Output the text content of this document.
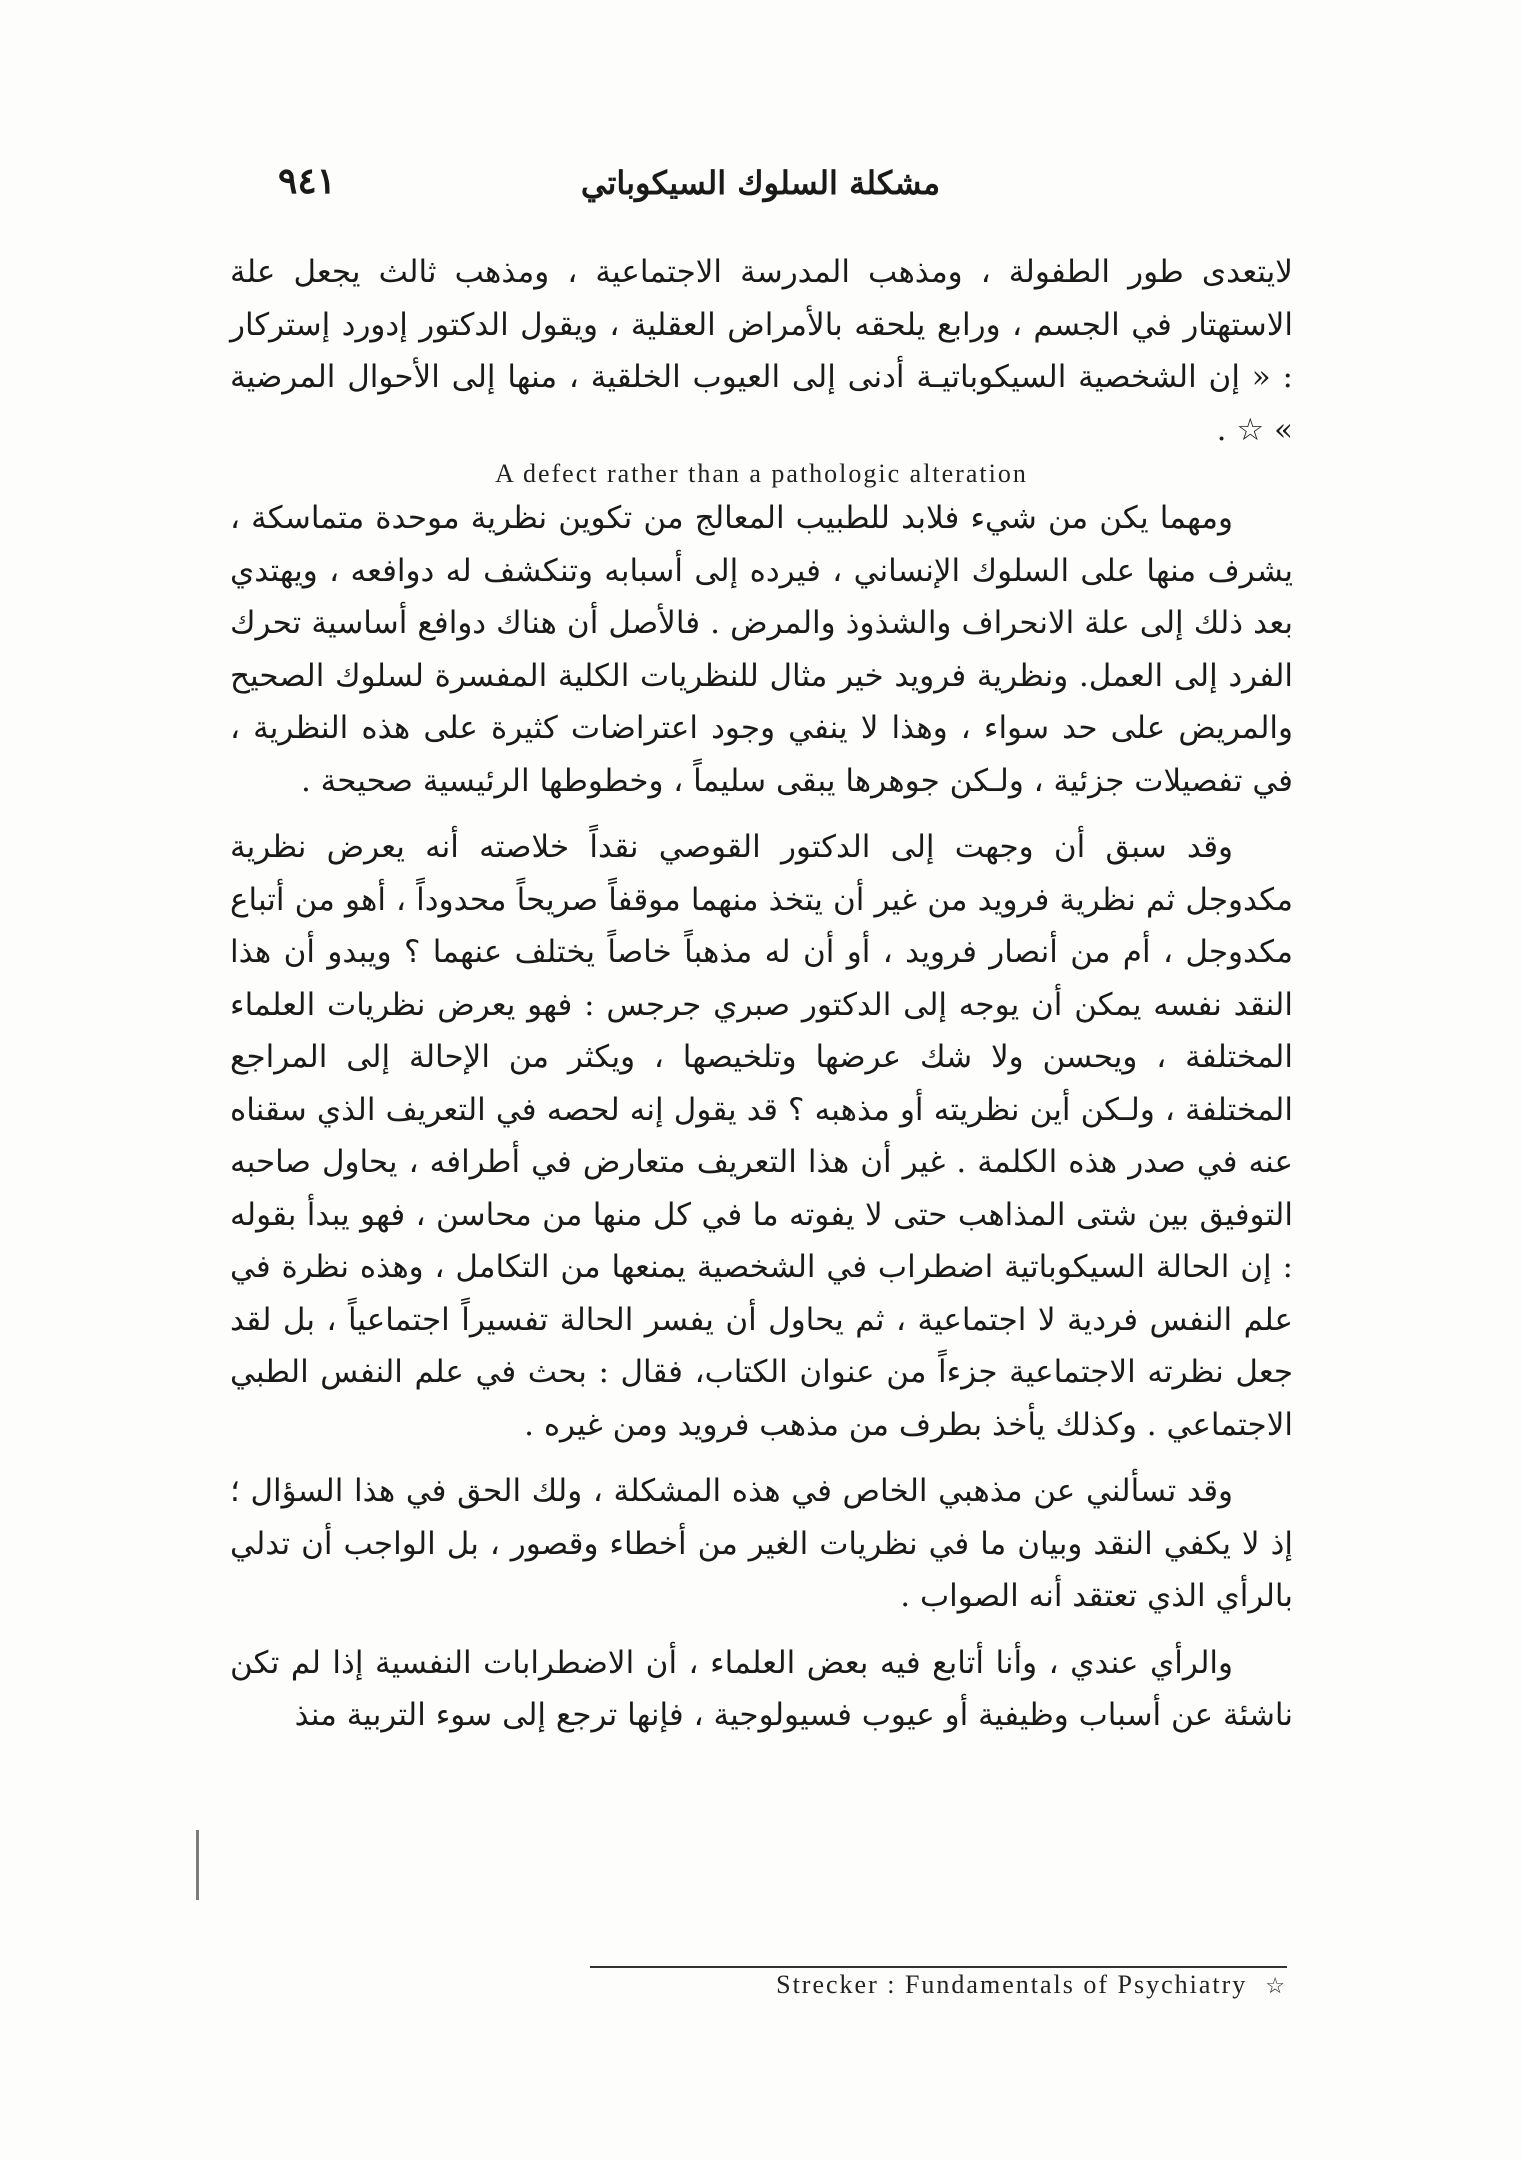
مشكلة السلوك السيكوباتي
٩٤١

لايتعدى طور الطفولة ، ومذهب المدرسة الاجتماعية ، ومذهب ثالث يجعل علة الاستهتار في الجسم ، ورابع يلحقه بالأمراض العقلية ، ويقول الدكتور إدورد إستركار : « إن الشخصية السيكوباتيـة أدنى إلى العيوب الخلقية ، منها إلى الأحوال المرضية » ☆ .

A defect rather than a pathologic alteration

ومهما يكن من شيء فلابد للطبيب المعالج من تكوين نظرية موحدة متماسكة ، يشرف منها على السلوك الإنساني ، فيرده إلى أسبابه وتنكشف له دوافعه ، ويهتدي بعد ذلك إلى علة الانحراف والشذوذ والمرض . فالأصل أن هناك دوافع أساسية تحرك الفرد إلى العمل. ونظرية فرويد خير مثال للنظريات الكلية المفسرة لسلوك الصحيح والمريض على حد سواء ، وهذا لا ينفي وجود اعتراضات كثيرة على هذه النظرية ، في تفصيلات جزئية ، ولـكن جوهرها يبقى سليماً ، وخطوطها الرئيسية صحيحة .

وقد سبق أن وجهت إلى الدكتور القوصي نقداً خلاصته أنه يعرض نظرية مكدوجل ثم نظرية فرويد من غير أن يتخذ منهما موقفاً صريحاً محدوداً ، أهو من أتباع مكدوجل ، أم من أنصار فرويد ، أو أن له مذهباً خاصاً يختلف عنهما ؟ ويبدو أن هذا النقد نفسه يمكن أن يوجه إلى الدكتور صبري جرجس : فهو يعرض نظريات العلماء المختلفة ، ويحسن ولا شك عرضها وتلخيصها ، ويكثر من الإحالة إلى المراجع المختلفة ، ولـكن أين نظريته أو مذهبه ؟ قد يقول إنه لحصه في التعريف الذي سقناه عنه في صدر هذه الكلمة . غير أن هذا التعريف متعارض في أطرافه ، يحاول صاحبه التوفيق بين شتى المذاهب حتى لا يفوته ما في كل منها من محاسن ، فهو يبدأ بقوله : إن الحالة السيكوباتية اضطراب في الشخصية يمنعها من التكامل ، وهذه نظرة في علم النفس فردية لا اجتماعية ، ثم يحاول أن يفسر الحالة تفسيراً اجتماعياً ، بل لقد جعل نظرته الاجتماعية جزءاً من عنوان الكتاب، فقال : بحث في علم النفس الطبي الاجتماعي . وكذلك يأخذ بطرف من مذهب فرويد ومن غيره .

وقد تسألني عن مذهبي الخاص في هذه المشكلة ، ولك الحق في هذا السؤال ؛ إذ لا يكفي النقد وبيان ما في نظريات الغير من أخطاء وقصور ، بل الواجب أن تدلي بالرأي الذي تعتقد أنه الصواب .

والرأي عندي ، وأنا أتابع فيه بعض العلماء ، أن الاضطرابات النفسية إذا لم تكن ناشئة عن أسباب وظيفية أو عيوب فسيولوجية ، فإنها ترجع إلى سوء التربية منذ

Strecker : Fundamentals of Psychiatry ☆
